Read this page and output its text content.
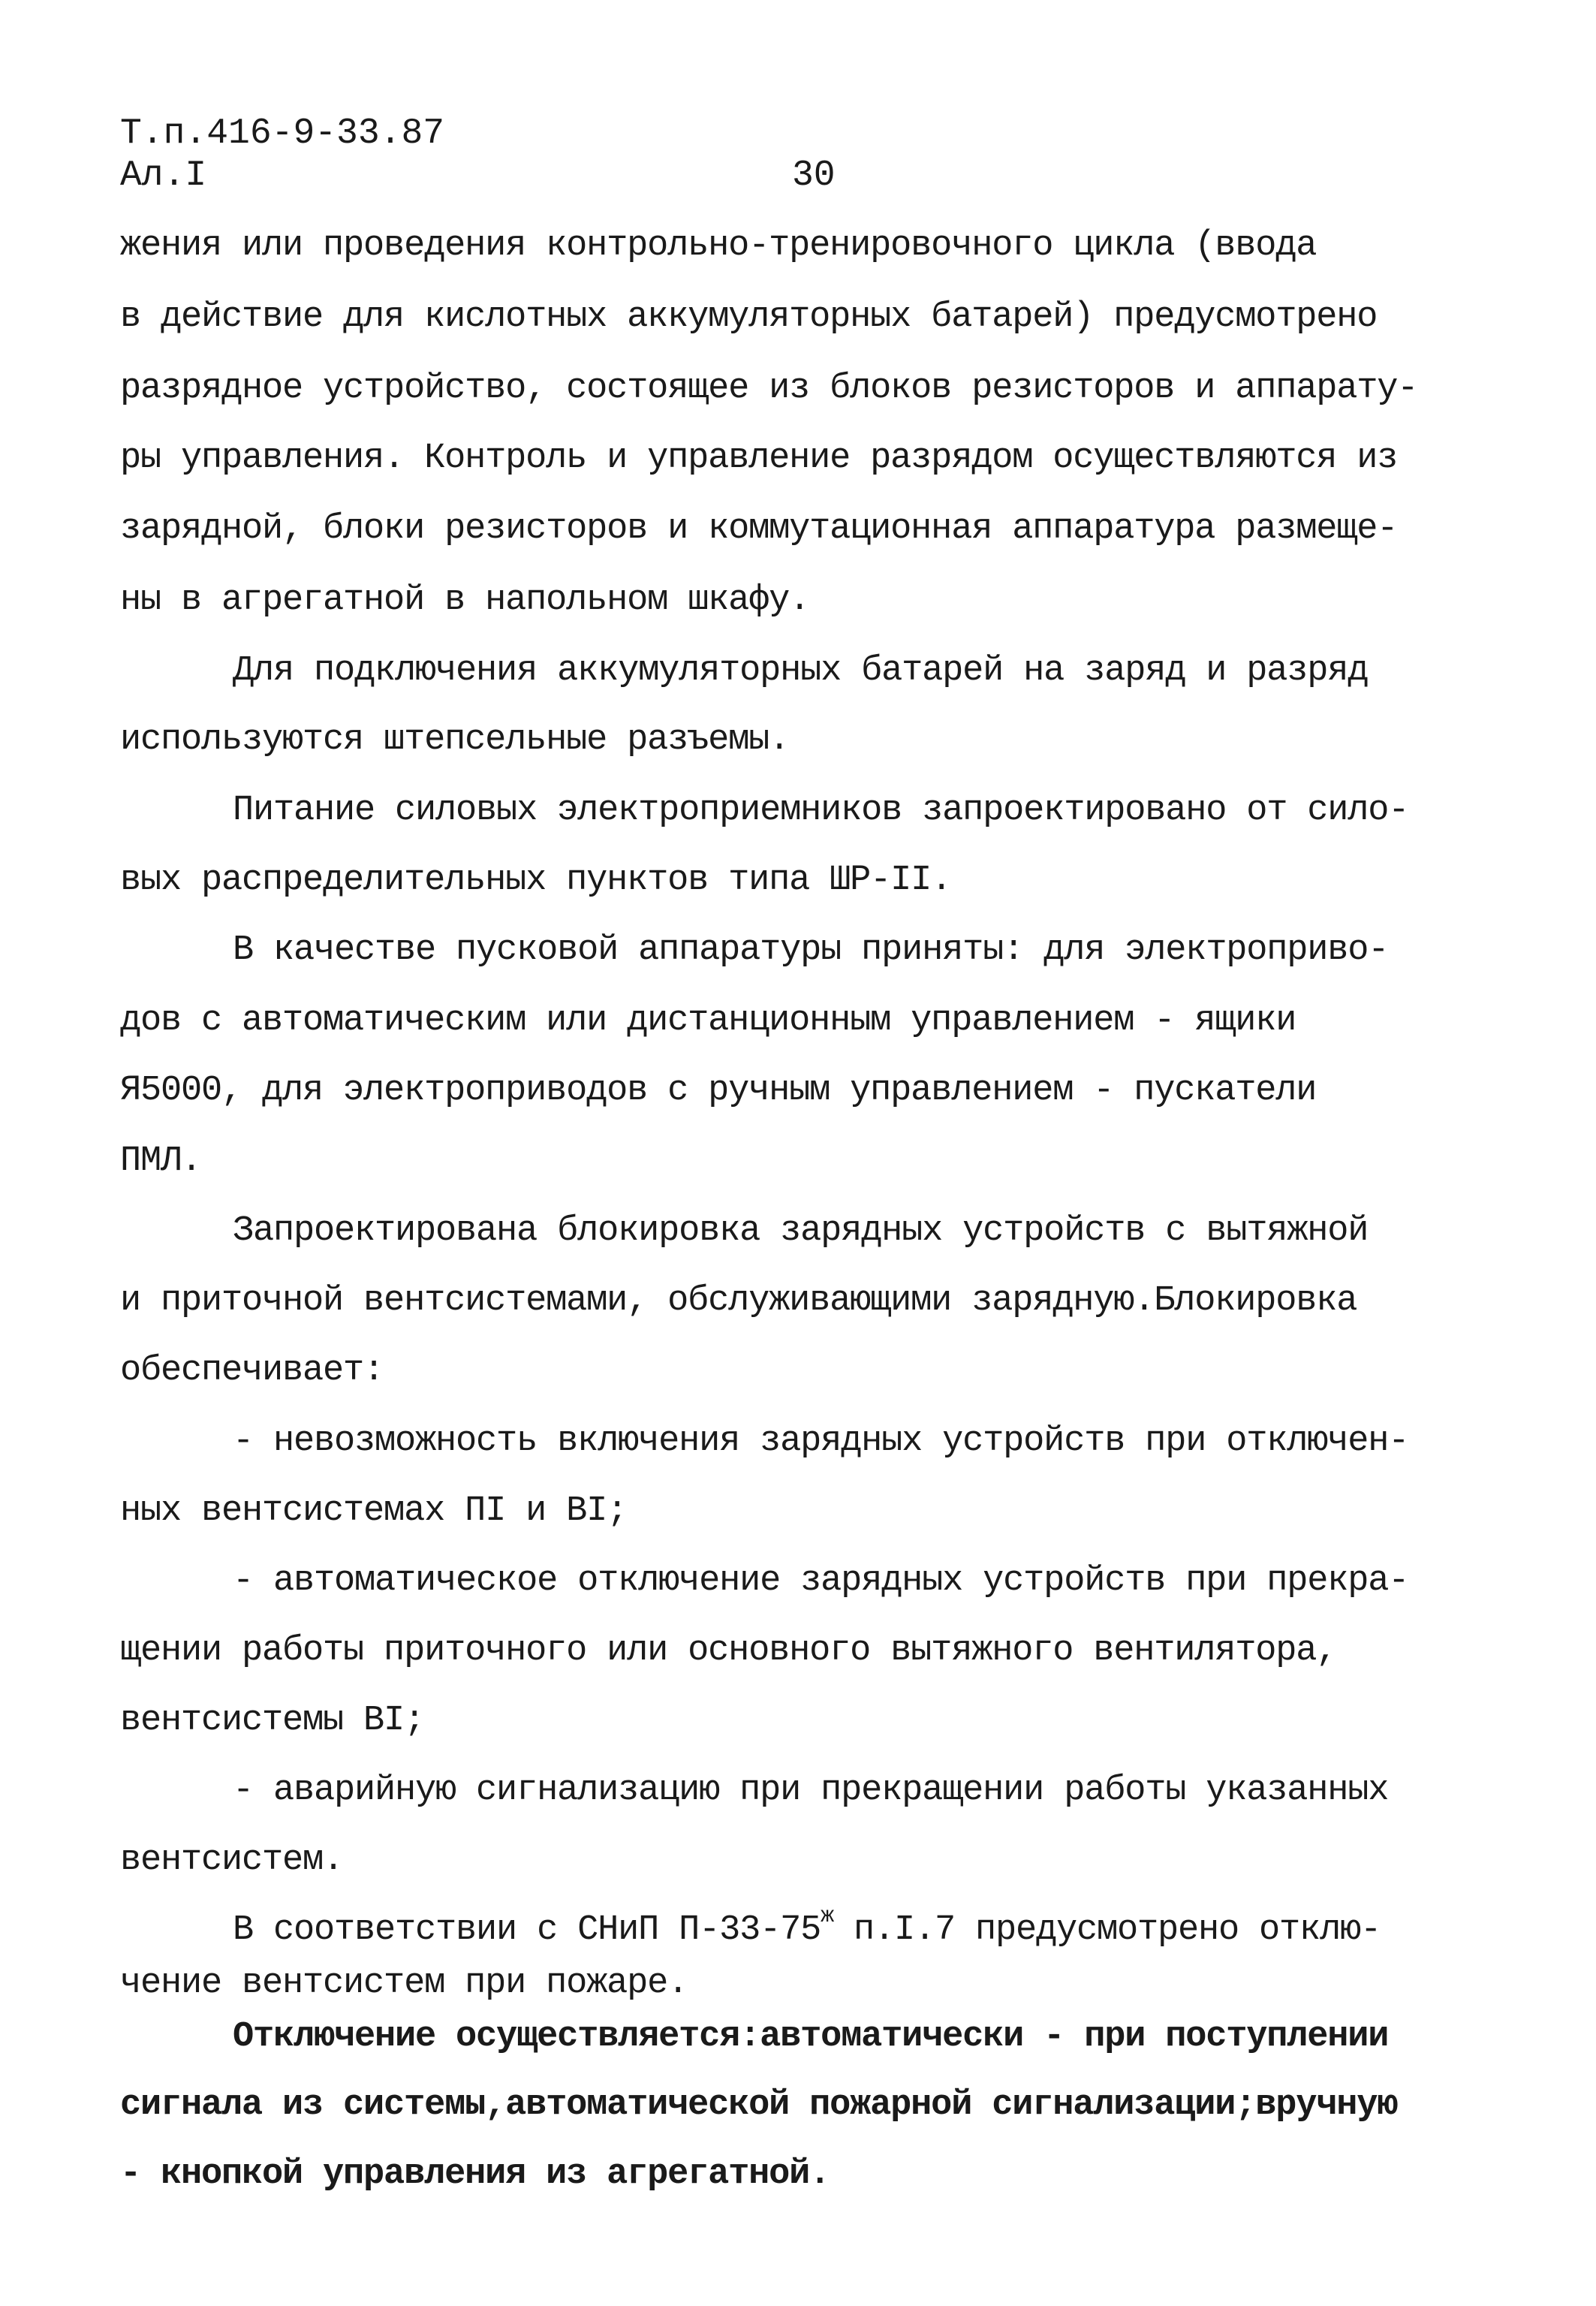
Т.п.416-9-33.87
Ал.I	30
жения или проведения контрольно-тренировочного цикла (ввода
в действие для кислотных аккумуляторных батарей) предусмотрено
разрядное устройство, состоящее из блоков резисторов и аппарату-
ры управления. Контроль и управление разрядом осуществляются из
зарядной, блоки резисторов и коммутационная аппаратура размеще-
ны в агрегатной в напольном шкафу.
Для подключения аккумуляторных батарей на заряд и разряд
используются штепсельные разъемы.
Питание силовых электроприемников запроектировано от сило-
вых распределительных пунктов типа ШР-II.
В качестве пусковой аппаратуры приняты: для электроприво-
дов с автоматическим или дистанционным управлением - ящики
Я5000, для электроприводов с ручным управлением - пускатели
ПМЛ.
Запроектирована блокировка зарядных устройств с вытяжной
и приточной вентсистемами, обслуживающими зарядную.Блокировка
обеспечивает:
- невозможность включения зарядных устройств при отключен-
ных вентсистемах ПI и ВI;
- автоматическое отключение зарядных устройств при прекра-
щении работы приточного или основного вытяжного вентилятора,
вентсистемы ВI;
- аварийную сигнализацию при прекращении работы указанных
вентсистем.
В соответствии с СНиП $П-33-75^ж$ п.I.7 предусмотрено отклю-
чение вентсистем при пожаре.
Отключение осуществляется:автоматически - при поступлении
сигнала из системы,автоматической пожарной сигнализации;вручную
- кнопкой управления из агрегатной.
